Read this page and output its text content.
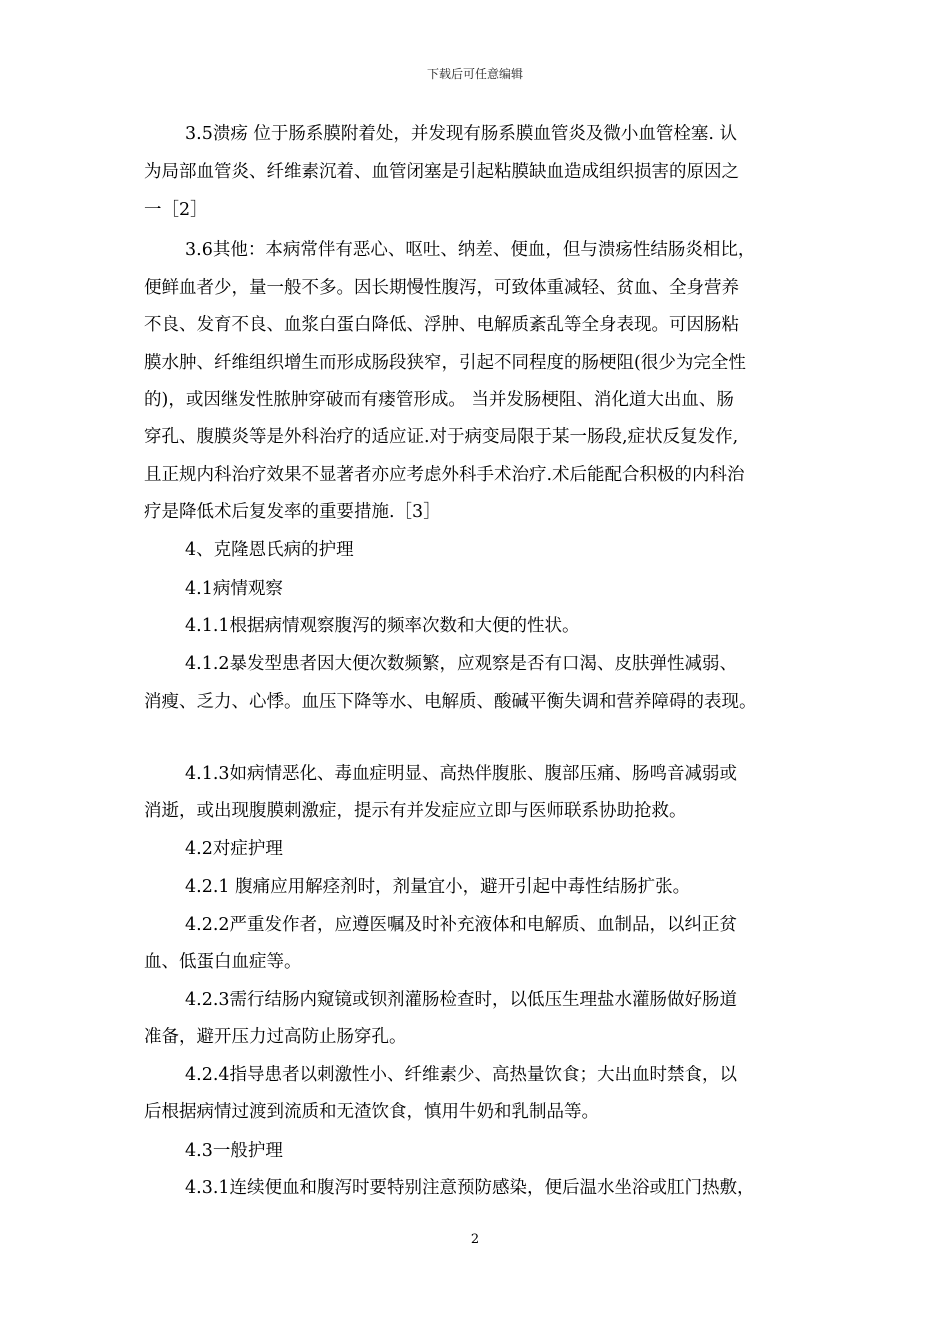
下载后可任意编辑
3.5溃疡 位于肠系膜附着处，并发现有肠系膜血管炎及微小血管栓塞. 认
为局部血管炎、纤维素沉着、血管闭塞是引起粘膜缺血造成组织损害的原因之
一［2］
3.6其他：本病常伴有恶心、呕吐、纳差、便血，但与溃疡性结肠炎相比，
便鲜血者少，量一般不多。因长期慢性腹泻，可致体重减轻、贫血、全身营养
不良、发育不良、血浆白蛋白降低、浮肿、电解质紊乱等全身表现。可因肠粘
膜水肿、纤维组织增生而形成肠段狭窄，引起不同程度的肠梗阻(很少为完全性
的)，或因继发性脓肿穿破而有瘘管形成。 当并发肠梗阻、消化道大出血、肠
穿孔、腹膜炎等是外科治疗的适应证.对于病变局限于某一肠段,症状反复发作,
且正规内科治疗效果不显著者亦应考虑外科手术治疗.术后能配合积极的内科治
疗是降低术后复发率的重要措施.［3］
4、克隆恩氏病的护理
4.1病情观察
4.1.1根据病情观察腹泻的频率次数和大便的性状。
4.1.2暴发型患者因大便次数频繁，应观察是否有口渴、皮肤弹性减弱、
消瘦、乏力、心悸。血压下降等水、电解质、酸碱平衡失调和营养障碍的表现。
4.1.3如病情恶化、毒血症明显、高热伴腹胀、腹部压痛、肠鸣音减弱或
消逝，或出现腹膜刺激症，提示有并发症应立即与医师联系协助抢救。
4.2对症护理
4.2.1 腹痛应用解痉剂时，剂量宜小，避开引起中毒性结肠扩张。
4.2.2严重发作者，应遵医嘱及时补充液体和电解质、血制品，以纠正贫
血、低蛋白血症等。
4.2.3需行结肠内窥镜或钡剂灌肠检查时，以低压生理盐水灌肠做好肠道
准备，避开压力过高防止肠穿孔。
4.2.4指导患者以刺激性小、纤维素少、高热量饮食；大出血时禁食，以
后根据病情过渡到流质和无渣饮食，慎用牛奶和乳制品等。
4.3一般护理
4.3.1连续便血和腹泻时要特别注意预防感染，便后温水坐浴或肛门热敷，
2
